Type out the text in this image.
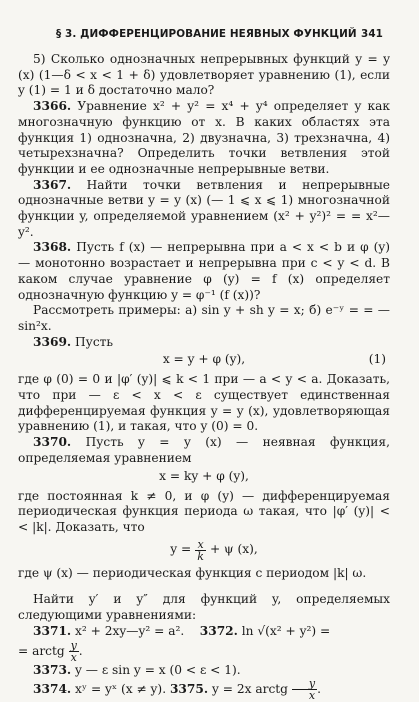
§ 3. ДИФФЕРЕНЦИРОВАНИЕ НЕЯВНЫХ ФУНКЦИЙ 341

5) Сколько однозначных непрерывных функций y = y (x) (1—δ < x < 1 + δ) удовлетворяет уравнению (1), если y (1) = 1 и δ достаточно мало?

3366. Уравнение x² + y² = x⁴ + y⁴ определяет y как многозначную функцию от x. В каких областях эта функция 1) однозначна, 2) двузначна, 3) трехзначна, 4) четырехзначна? Определить точки ветвления этой функции и ее однозначные непрерывные ветви.

3367. Найти точки ветвления и непрерывные однозначные ветви y = y (x) (— 1 ⩽ x ⩽ 1) многозначной функции y, определяемой уравнением (x² + y²)² = = x²—y².

3368. Пусть f (x) — непрерывна при a < x < b и φ (y) — монотонно возрастает и непрерывна при c < y < d. В каком случае уравнение φ (y) = f (x) определяет однозначную функцию y = φ⁻¹ (f (x))?

Рассмотреть примеры: а) sin y + sh y = x; б) e⁻ʸ = = — sin²x.

3369. Пусть

x = y + φ (y),	(1)

где φ (0) = 0 и |φ′ (y)| ⩽ k < 1 при — a < y < a. Доказать, что при — ε < x < ε существует единственная дифференцируемая функция y = y (x), удовлетворяющая уравнению (1), и такая, что y (0) = 0.

3370. Пусть y = y (x) — неявная функция, определяемая уравнением

x = ky + φ (y),

где постоянная k ≠ 0, и φ (y) — дифференцируемая периодическая функция периода ω такая, что |φ′ (y)| < < |k|. Доказать, что

$y = \frac{x}{k} + \psi$ (x),

где ψ (x) — периодическая функция с периодом |k| ω.

Найти y′ и y″ для функций y, определяемых следующими уравнениями:

3371. x² + 2xy—y² = a². 3372. ln √(x² + y²) =

= arctg $\frac{y}{x}$ .

3373. y — ε sin y = x (0 < ε < 1).

3374. xʸ = yˣ (x ≠ y). 3375. y = 2x arctg $\frac{y}{x}$ .
